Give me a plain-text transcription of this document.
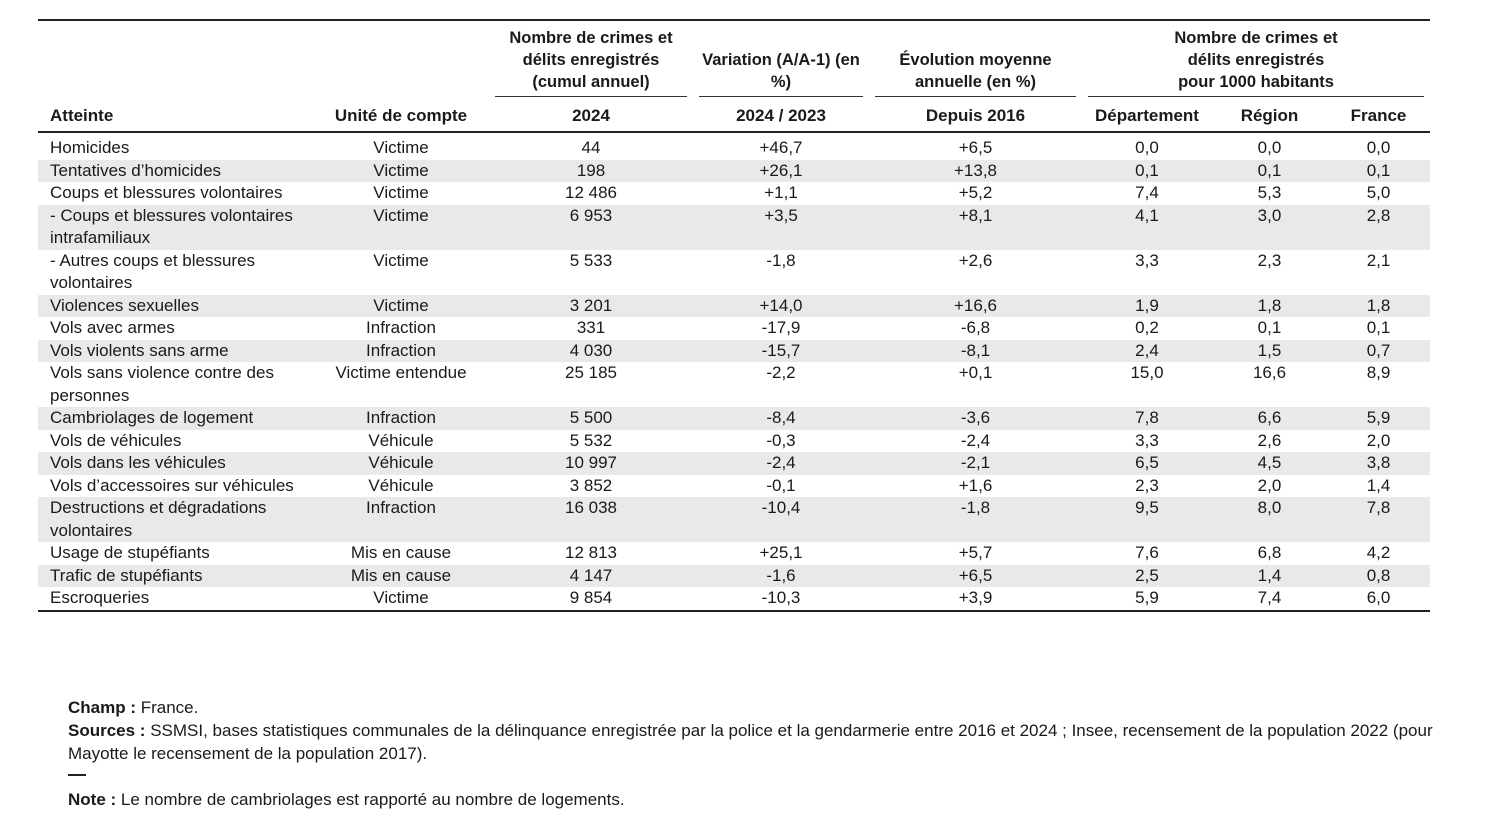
		Nombre de crimes et délits enregistrés (cumul annuel)	Variation (A/A-1) (en %)	Évolution moyenne annuelle (en %)	Nombre de crimes et délits enregistrés pour 1000 habitants		

Atteinte	Unité de compte	2024	2024 / 2023	Depuis 2016	Département	Région	France
Homicides	Victime	44	+46,7	+6,5	0,0	0,0	0,0
Tentatives d’homicides	Victime	198	+26,1	+13,8	0,1	0,1	0,1
Coups et blessures volontaires	Victime	12 486	+1,1	+5,2	7,4	5,3	5,0
- Coups et blessures volontaires intrafamiliaux	Victime	6 953	+3,5	+8,1	4,1	3,0	2,8
- Autres coups et blessures volontaires	Victime	5 533	-1,8	+2,6	3,3	2,3	2,1
Violences sexuelles	Victime	3 201	+14,0	+16,6	1,9	1,8	1,8
Vols avec armes	Infraction	331	-17,9	-6,8	0,2	0,1	0,1
Vols violents sans arme	Infraction	4 030	-15,7	-8,1	2,4	1,5	0,7
Vols sans violence contre des personnes	Victime entendue	25 185	-2,2	+0,1	15,0	16,6	8,9
Cambriolages de logement	Infraction	5 500	-8,4	-3,6	7,8	6,6	5,9
Vols de véhicules	Véhicule	5 532	-0,3	-2,4	3,3	2,6	2,0
Vols dans les véhicules	Véhicule	10 997	-2,4	-2,1	6,5	4,5	3,8
Vols d’accessoires sur véhicules	Véhicule	3 852	-0,1	+1,6	2,3	2,0	1,4
Destructions et dégradations volontaires	Infraction	16 038	-10,4	-1,8	9,5	8,0	7,8
Usage de stupéfiants	Mis en cause	12 813	+25,1	+5,7	7,6	6,8	4,2
Trafic de stupéfiants	Mis en cause	4 147	-1,6	+6,5	2,5	1,4	0,8
Escroqueries	Victime	9 854	-10,3	+3,9	5,9	7,4	6,0
Champ : France.
Sources : SSMSI, bases statistiques communales de la délinquance enregistrée par la police et la gendarmerie entre 2016 et 2024 ; Insee, recensement de la population 2022 (pour Mayotte le recensement de la population 2017).
Note : Le nombre de cambriolages est rapporté au nombre de logements.
